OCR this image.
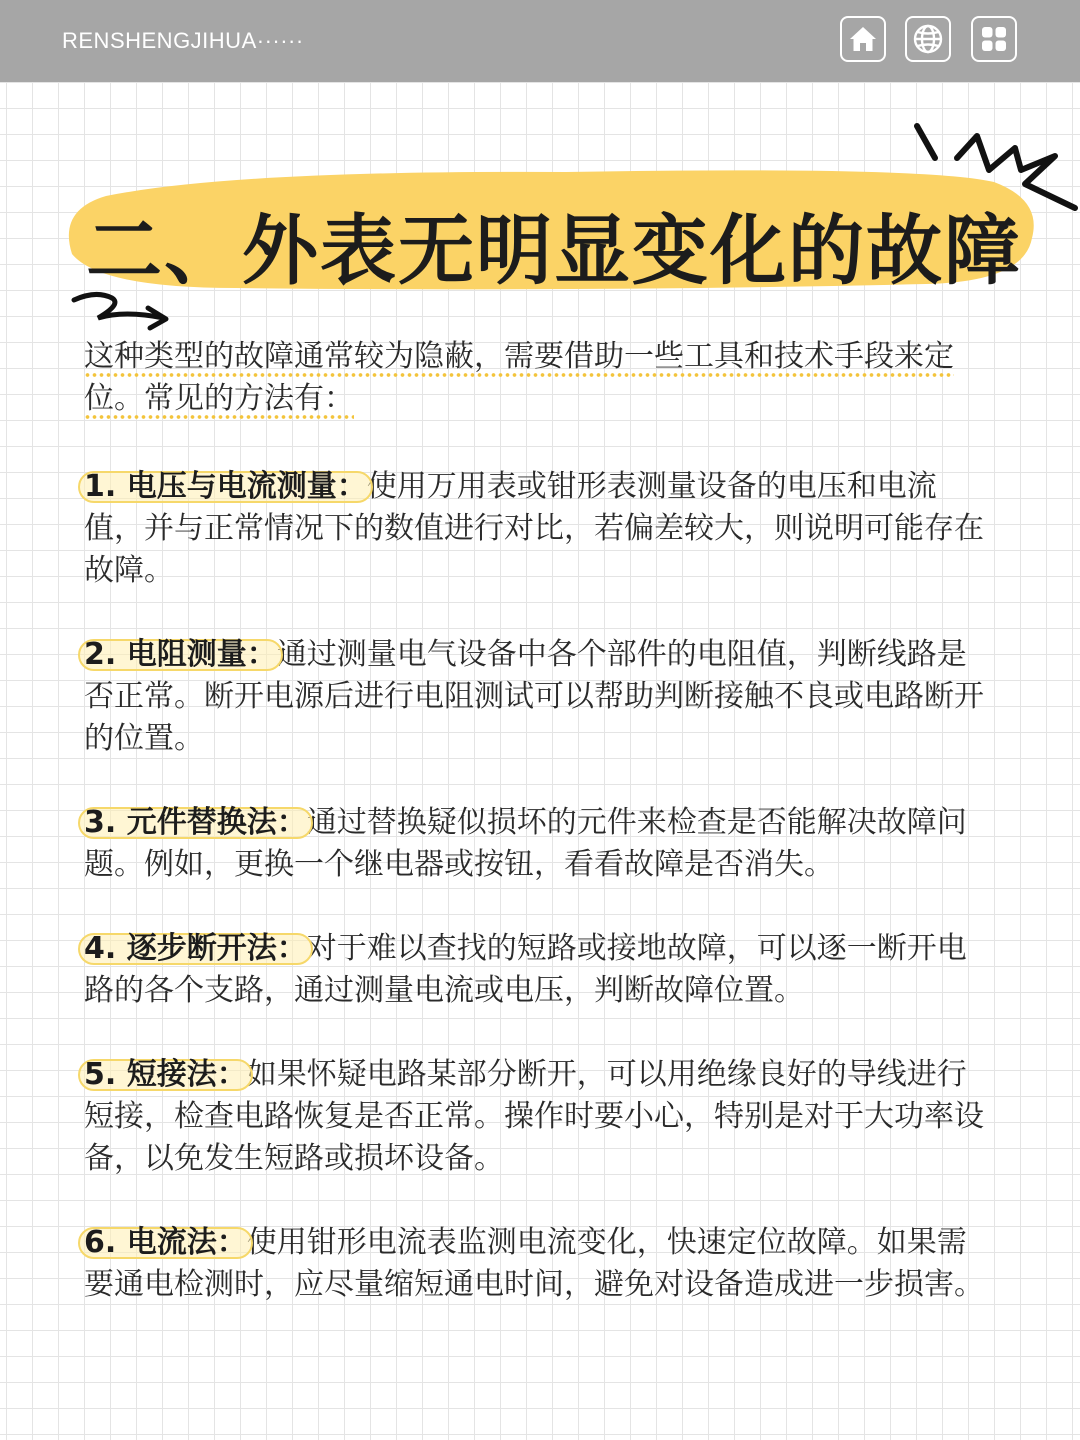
RENSHENGJIHUA······
二、外表无明显变化的故障

这种类型的故障通常较为隐蔽，需要借助一些工具和技术手段来定位。常见的方法有：

1. 电压与电流测量：使用万用表或钳形表测量设备的电压和电流值，并与正常情况下的数值进行对比，若偏差较大，则说明可能存在故障。

2. 电阻测量：通过测量电气设备中各个部件的电阻值，判断线路是否正常。断开电源后进行电阻测试可以帮助判断接触不良或电路断开的位置。

3. 元件替换法：通过替换疑似损坏的元件来检查是否能解决故障问题。例如，更换一个继电器或按钮，看看故障是否消失。

4. 逐步断开法：对于难以查找的短路或接地故障，可以逐一断开电路的各个支路，通过测量电流或电压，判断故障位置。

5. 短接法：如果怀疑电路某部分断开，可以用绝缘良好的导线进行短接，检查电路恢复是否正常。操作时要小心，特别是对于大功率设备，以免发生短路或损坏设备。

6. 电流法：使用钳形电流表监测电流变化，快速定位故障。如果需要通电检测时，应尽量缩短通电时间，避免对设备造成进一步损害。
